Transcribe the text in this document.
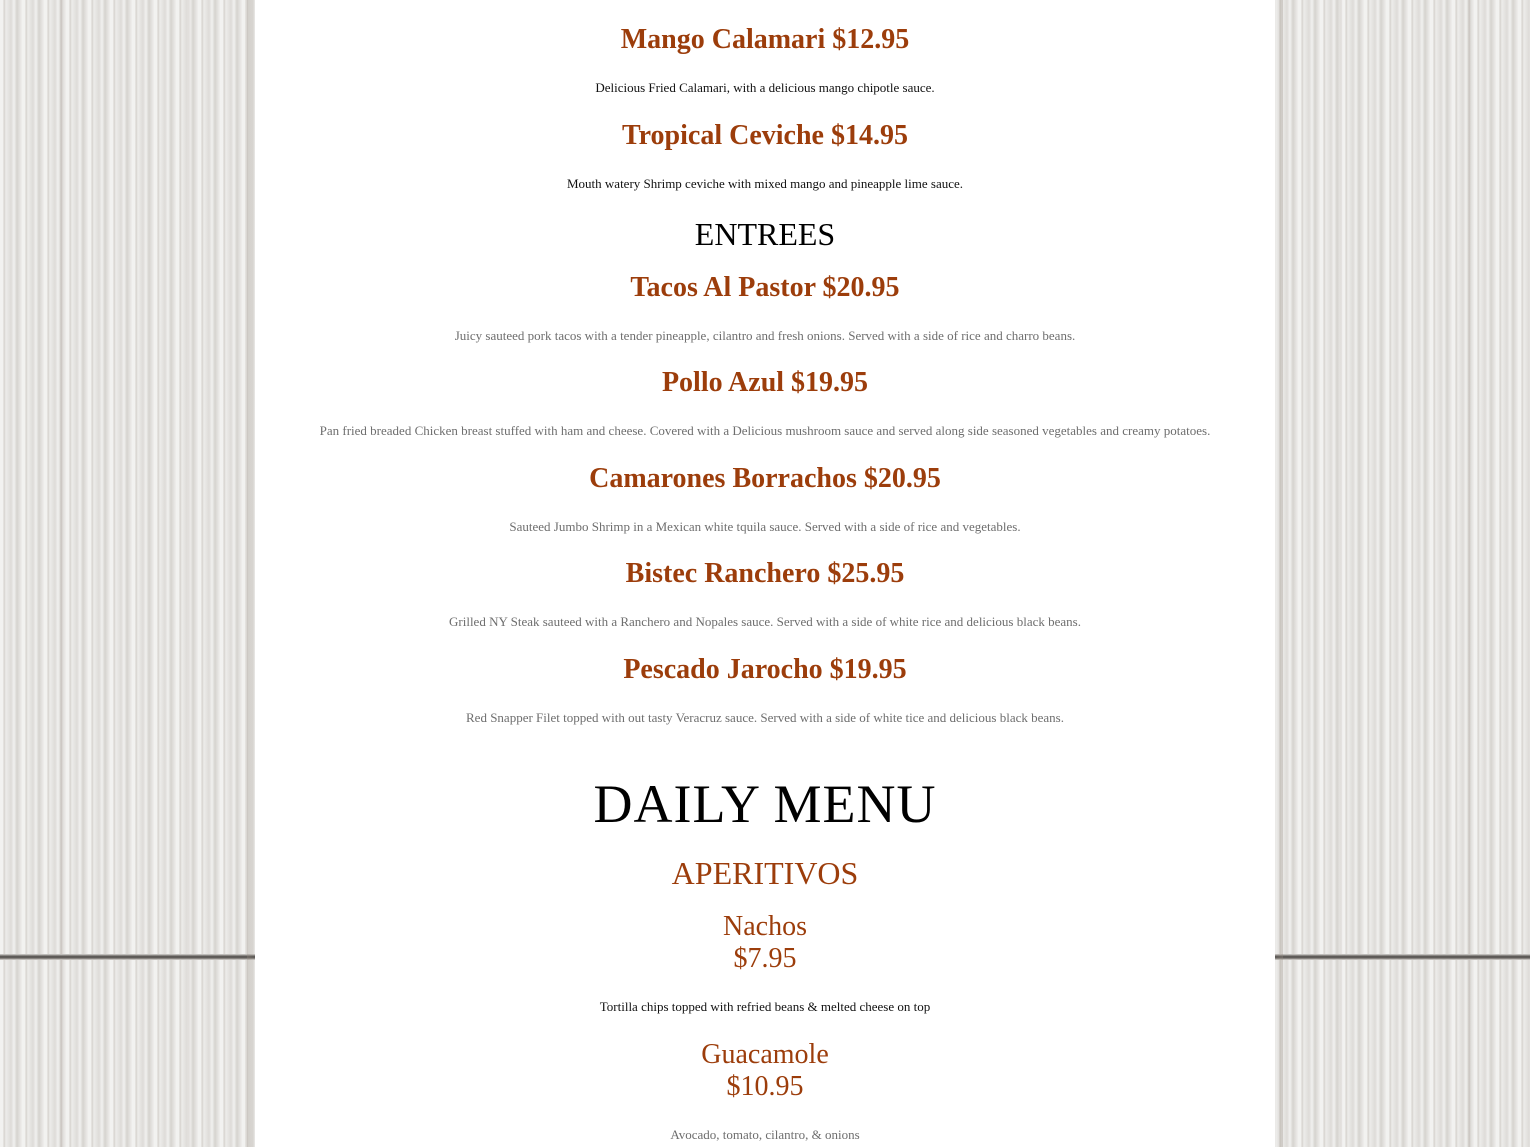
Mango Calamari $12.95

Delicious Fried Calamari, with a delicious mango chipotle sauce.

Tropical Ceviche $14.95

Mouth watery Shrimp ceviche with mixed mango and pineapple lime sauce.

ENTREES
Tacos Al Pastor $20.95

Juicy sauteed pork tacos with a tender pineapple, cilantro and fresh onions. Served with a side of rice and charro beans.

Pollo Azul $19.95

Pan fried breaded Chicken breast stuffed with ham and cheese. Covered with a Delicious mushroom sauce and served along side seasoned vegetables and creamy potatoes.

Camarones Borrachos $20.95

Sauteed Jumbo Shrimp in a Mexican white tquila sauce. Served with a side of rice and vegetables.

Bistec Ranchero $25.95

Grilled NY Steak sauteed with a Ranchero and Nopales sauce. Served with a side of white rice and delicious black beans.

Pescado Jarocho $19.95

Red Snapper Filet topped with out tasty Veracruz sauce. Served with a side of white tice and delicious black beans.

DAILY MENU
APERITIVOS
Nachos
$7.95

Tortilla chips topped with refried beans & melted cheese on top

Guacamole
$10.95

Avocado, tomato, cilantro, & onions
